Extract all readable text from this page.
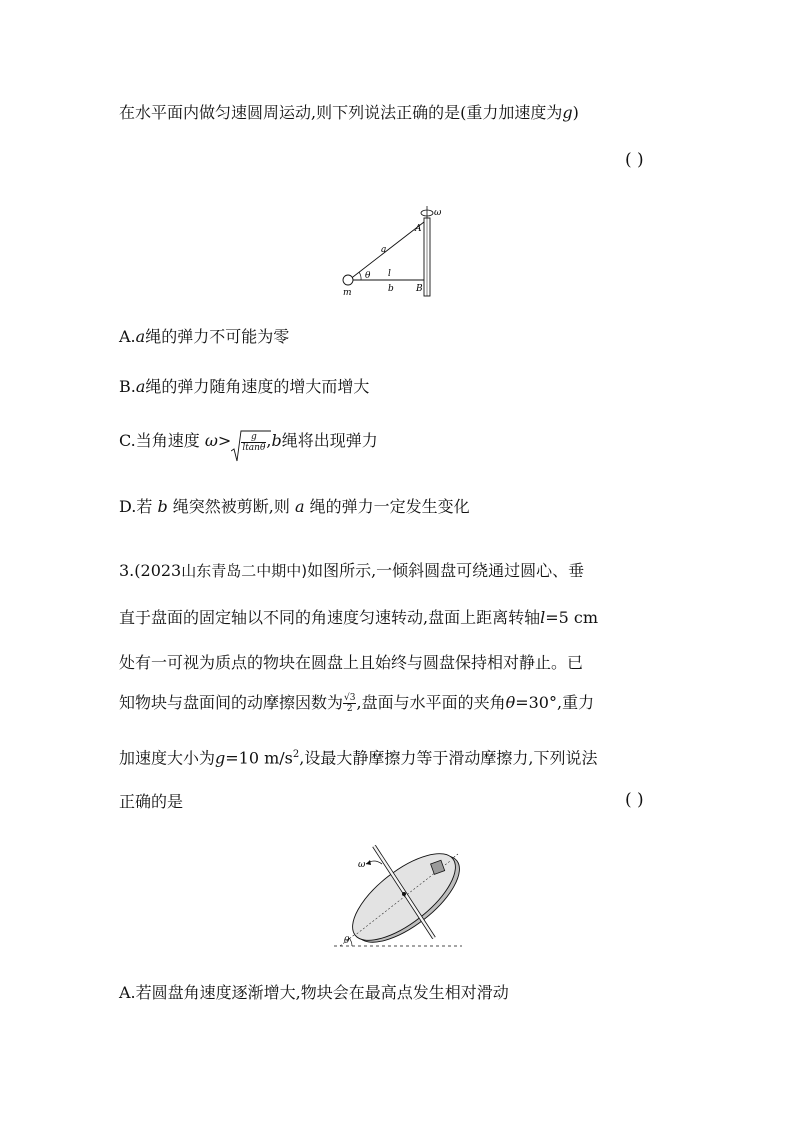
在水平面内做匀速圆周运动,则下列说法正确的是(重力加速度为g)
( )
ω
A
a
θ l
m	b B
A.a绳的弹力不可能为零
B.a绳的弹力随角速度的增大而增大
C.当角速度 $\omega> \frac{g}{ltan\theta} ,b$绳将出现弹力
D.若 b 绳突然被剪断,则 a 绳的弹力一定发生变化
3.(2023山东青岛二中期中)如图所示,一倾斜圆盘可绕通过圆心、垂
直于盘面的固定轴以不同的角速度匀速转动,盘面上距离转轴l=5 cm
处有一可视为质点的物块在圆盘上且始终与圆盘保持相对静止。已
知物块与盘面间的动摩擦因数为 $\frac{√3}{2}$ ,盘面与水平面的夹角θ=30°,重力
加速度大小为g=10 $m/s^2$,设最大静摩擦力等于滑动摩擦力,下列说法
正确的是	( )
ω
θ
A.若圆盘角速度逐渐增大,物块会在最高点发生相对滑动
